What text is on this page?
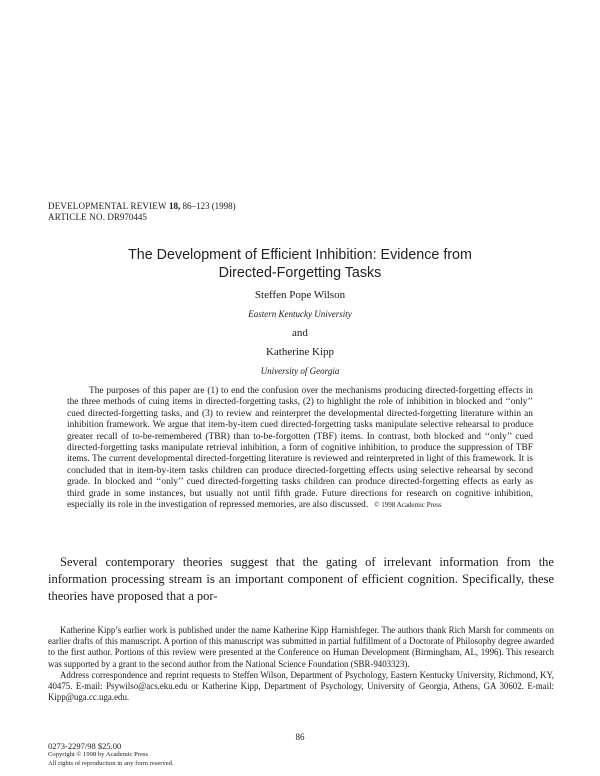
DEVELOPMENTAL REVIEW 18, 86–123 (1998)
ARTICLE NO. DR970445
The Development of Efficient Inhibition: Evidence from
Directed-Forgetting Tasks
Steffen Pope Wilson
Eastern Kentucky University
and
Katherine Kipp
University of Georgia
The purposes of this paper are (1) to end the confusion over the mechanisms producing directed-forgetting effects in the three methods of cuing items in directed-forgetting tasks, (2) to highlight the role of inhibition in blocked and ‘‘only’’ cued directed-forgetting tasks, and (3) to review and reinterpret the developmental directed-forgetting literature within an inhibition framework. We argue that item-by-item cued directed-forgetting tasks manipulate selective rehearsal to produce greater recall of to-be-remembered (TBR) than to-be-forgotten (TBF) items. In contrast, both blocked and ‘‘only’’ cued directed-forgetting tasks manipulate retrieval inhibition, a form of cognitive inhibition, to produce the suppression of TBF items. The current developmental directed-forgetting literature is reviewed and reinterpreted in light of this framework. It is concluded that in item-by-item tasks children can produce directed-forgetting effects using selective rehearsal by second grade. In blocked and ‘‘only’’ cued directed-forgetting tasks children can produce directed-forgetting effects as early as third grade in some instances, but usually not until fifth grade. Future directions for research on cognitive inhibition, especially its role in the investigation of repressed memories, are also discussed. © 1998 Academic Press
Several contemporary theories suggest that the gating of irrelevant information from the information processing stream is an important component of efficient cognition. Specifically, these theories have proposed that a por-

Katherine Kipp’s earlier work is published under the name Katherine Kipp Harnishfeger. The authors thank Rich Marsh for comments on earlier drafts of this manuscript. A portion of this manuscript was submitted in partial fulfillment of a Doctorate of Philosophy degree awarded to the first author. Portions of this review were presented at the Conference on Human Development (Birmingham, AL, 1996). This research was supported by a grant to the second author from the National Science Foundation (SBR-9403323).

Address correspondence and reprint requests to Steffen Wilson, Department of Psychology, Eastern Kentucky University, Richmond, KY, 40475. E-mail: Psywilso@acs.eku.edu or Katherine Kipp, Department of Psychology, University of Georgia, Athens, GA 30602. E-mail: Kipp@uga.cc.uga.edu.

86
0273-2297/98 $25.00
Copyright © 1998 by Academic Press
All rights of reproduction in any form reserved.
